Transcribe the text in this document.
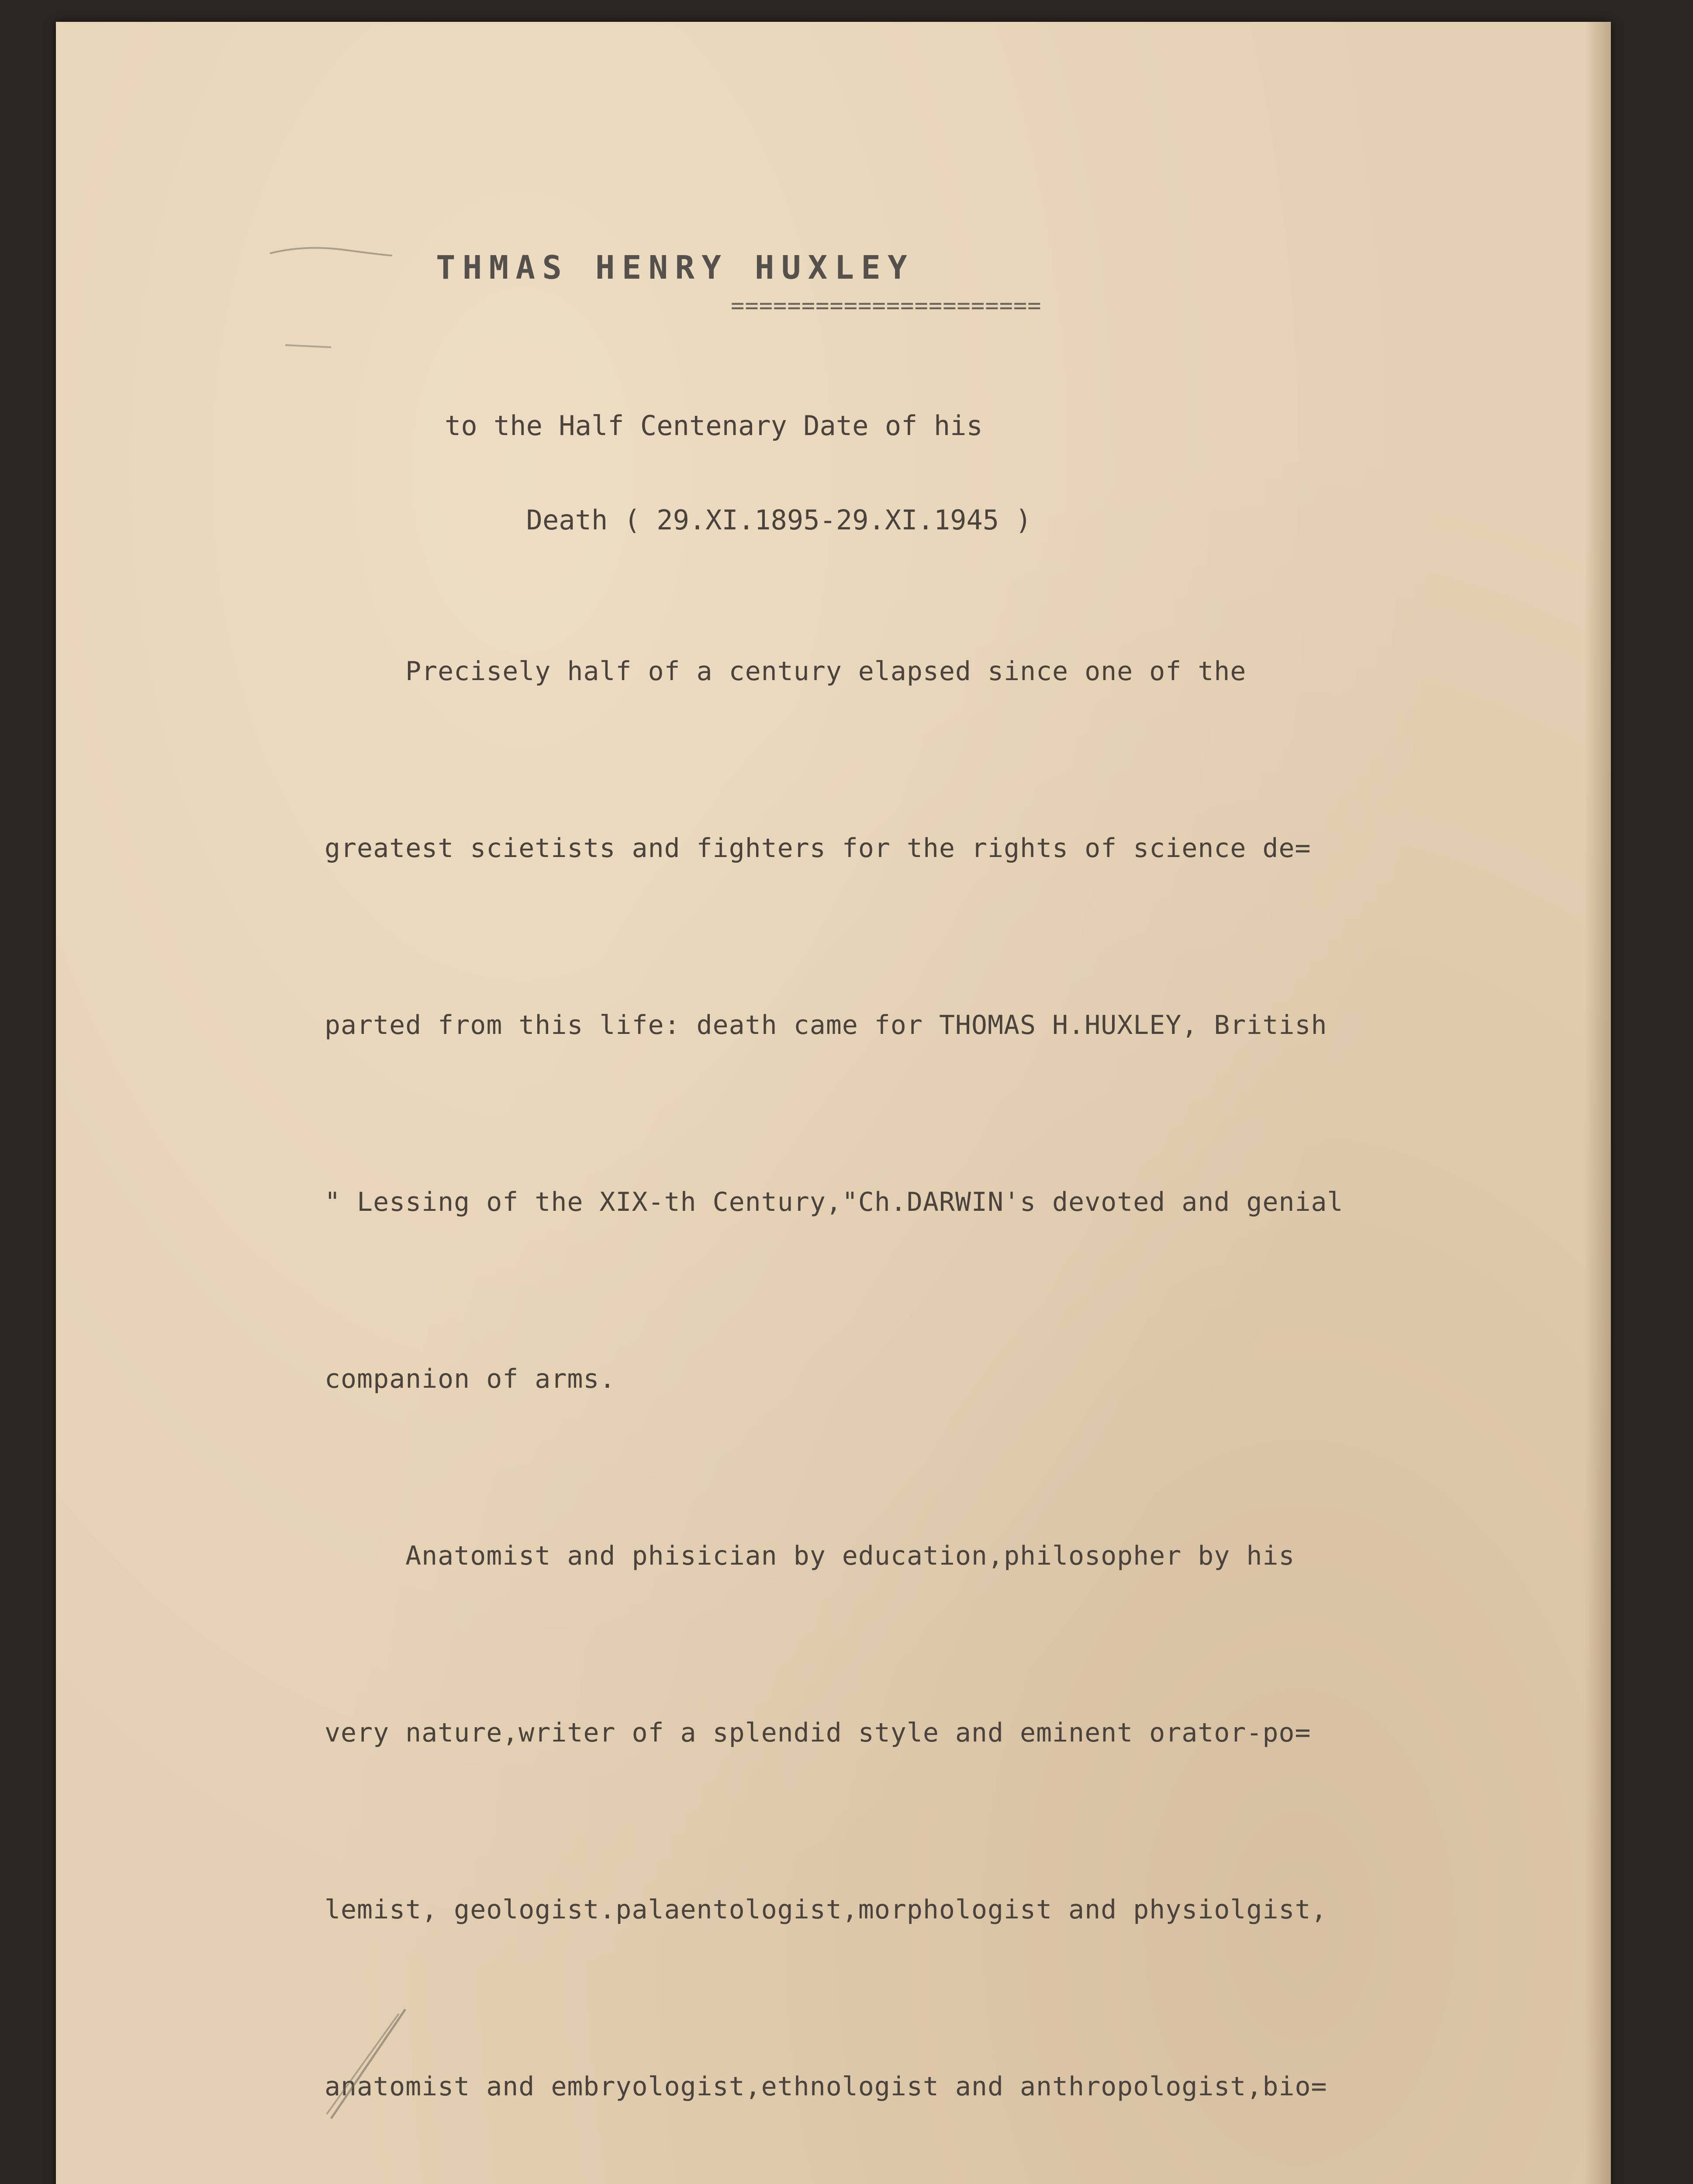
THMAS HENRY HUXLEY
======================

to the Half Centenary Date of his

Death ( 29.XI.1895-29.XI.1945 )

Precisely half of a century elapsed since one of the

greatest scietists and fighters for the rights of science de=

parted from this life: death came for THOMAS H.HUXLEY, British

" Lessing of the XIX-th Century,"Ch.DARWIN's devoted and genial

companion of arms.

Anatomist and phisician by education,philosopher by his

very nature,writer of a splendid style and eminent orator-po=

lemist, geologist.palaentologist,morphologist and physiolgist,

anatomist and embryologist,ethnologist and anthropologist,bio=
